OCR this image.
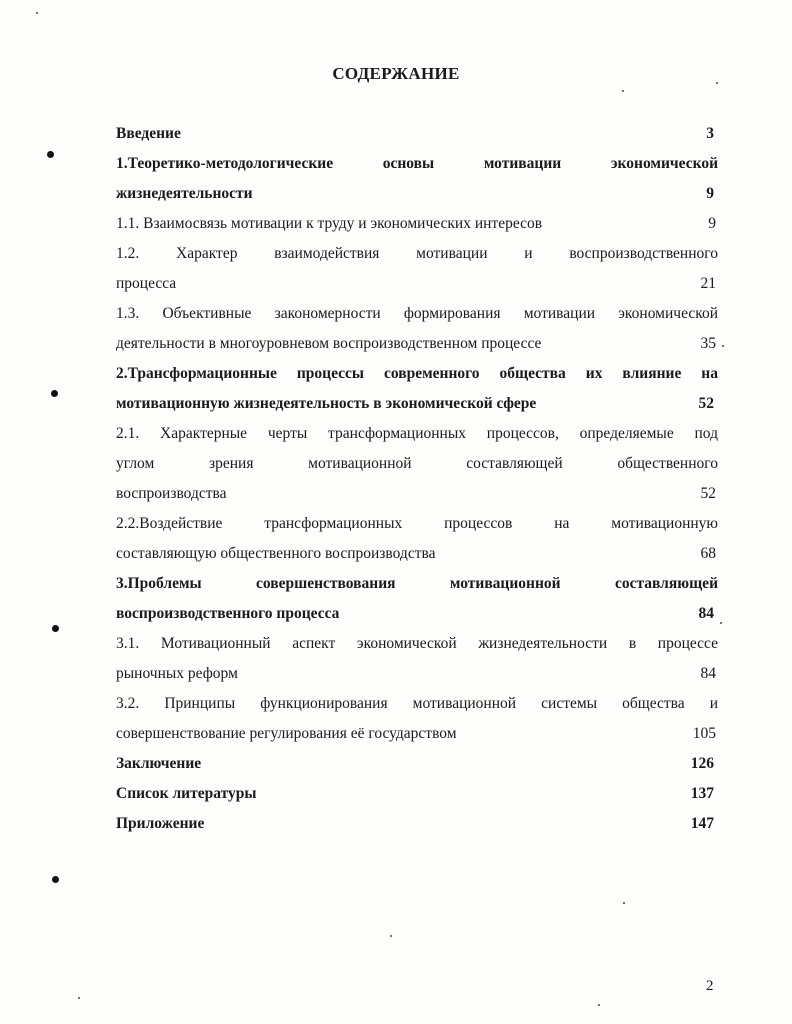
СОДЕРЖАНИЕ
Введение	3
1.Теоретико-методологические основы мотивации экономической
жизнедеятельности	9
1.1. Взаимосвязь мотивации к труду и экономических интересов	9
1.2. Характер взаимодействия мотивации и воспроизводственного
процесса	21
1.3. Объективные закономерности формирования мотивации экономической
деятельности в многоуровневом воспроизводственном процессе	35
2.Трансформационные процессы современного общества их влияние на
мотивационную жизнедеятельность в экономической сфере	52
2.1. Характерные черты трансформационных процессов, определяемые под
углом зрения мотивационной составляющей общественного
воспроизводства	52
2.2.Воздействие трансформационных процессов на мотивационную
составляющую общественного воспроизводства	68
3.Проблемы совершенствования мотивационной составляющей
воспроизводственного процесса	84
3.1. Мотивационный аспект экономической жизнедеятельности в процессе
рыночных реформ	84
3.2. Принципы функционирования мотивационной системы общества и
совершенствование регулирования её государством	105
Заключение	126
Список литературы	137
Приложение	147
2
